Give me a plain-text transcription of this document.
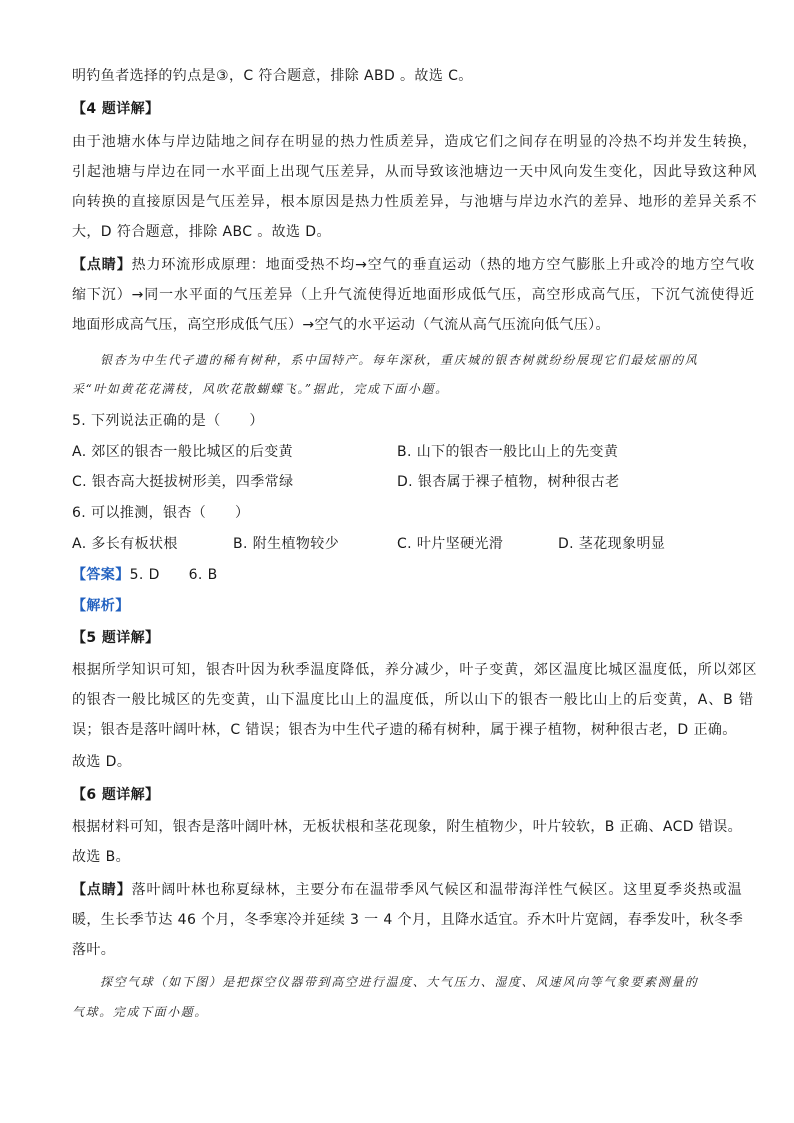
明钓鱼者选择的钓点是③，C 符合题意，排除 ABD 。故选 C。
【4 题详解】
由于池塘水体与岸边陆地之间存在明显的热力性质差异，造成它们之间存在明显的冷热不均并发生转换，
引起池塘与岸边在同一水平面上出现气压差异，从而导致该池塘边一天中风向发生变化，因此导致这种风
向转换的直接原因是气压差异，根本原因是热力性质差异，与池塘与岸边水汽的差异、地形的差异关系不
大，D 符合题意，排除 ABC 。故选 D。
【点睛】热力环流形成原理：地面受热不均→空气的垂直运动（热的地方空气膨胀上升或冷的地方空气收
缩下沉）→同一水平面的气压差异（上升气流使得近地面形成低气压，高空形成高气压，下沉气流使得近
地面形成高气压，高空形成低气压）→空气的水平运动（气流从高气压流向低气压）。
银杏为中生代孑遗的稀有树种，系中国特产。每年深秋，重庆城的银杏树就纷纷展现它们最炫丽的风
采“叶如黄花花满枝，风吹花散蝴蝶飞。”据此，完成下面小题。
5. 下列说法正确的是（　　）
A. 郊区的银杏一般比城区的后变黄	B. 山下的银杏一般比山上的先变黄
C. 银杏高大挺拔树形美，四季常绿	D. 银杏属于裸子植物，树种很古老
6. 可以推测，银杏（　　）
A. 多长有板状根	B. 附生植物较少	C. 叶片坚硬光滑	D. 茎花现象明显
【答案】5. D　　6. B
【解析】
【5 题详解】
根据所学知识可知，银杏叶因为秋季温度降低，养分减少，叶子变黄，郊区温度比城区温度低，所以郊区
的银杏一般比城区的先变黄，山下温度比山上的温度低，所以山下的银杏一般比山上的后变黄，A、B 错
误；银杏是落叶阔叶林，C 错误；银杏为中生代孑遗的稀有树种，属于裸子植物，树种很古老，D 正确。
故选 D。
【6 题详解】
根据材料可知，银杏是落叶阔叶林，无板状根和茎花现象，附生植物少，叶片较软，B 正确、ACD 错误。
故选 B。
【点睛】落叶阔叶林也称夏绿林，主要分布在温带季风气候区和温带海洋性气候区。这里夏季炎热或温
暖，生长季节达 46 个月，冬季寒冷并延续 3 一 4 个月，且降水适宜。乔木叶片宽阔，春季发叶，秋冬季
落叶。
探空气球（如下图）是把探空仪器带到高空进行温度、大气压力、湿度、风速风向等气象要素测量的
气球。完成下面小题。
